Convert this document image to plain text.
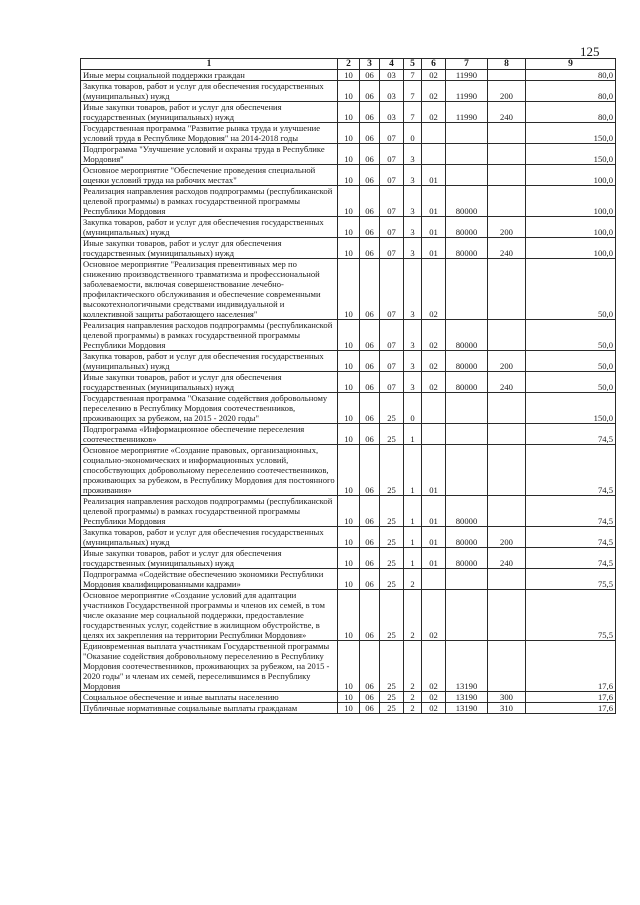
125
1	2	3	4	5	6	7	8	9
Иные меры социальной поддержки граждан	10	06	03	7	02	11990		80,0
Закупка товаров, работ и услуг для обеспечения государственных (муниципальных) нужд	10	06	03	7	02	11990	200	80,0
Иные закупки товаров, работ и услуг для обеспечения государственных (муниципальных) нужд	10	06	03	7	02	11990	240	80,0
Государственная программа "Развитие рынка труда и улучшение условий труда в Республике Мордовия" на 2014-2018 годы	10	06	07	0				150,0
Подпрограмма "Улучшение условий и охраны труда в Республике Мордовия"	10	06	07	3				150,0
Основное мероприятие "Обеспечение проведения специальной оценки условий труда на рабочих местах"	10	06	07	3	01			100,0
Реализация направления расходов подпрограммы (республиканской целевой программы) в рамках государственной программы Республики Мордовия	10	06	07	3	01	80000		100,0
Закупка товаров, работ и услуг для обеспечения государственных (муниципальных) нужд	10	06	07	3	01	80000	200	100,0
Иные закупки товаров, работ и услуг для обеспечения государственных (муниципальных) нужд	10	06	07	3	01	80000	240	100,0
Основное мероприятие "Реализация превентивных мер по снижению производственного травматизма и профессиональной заболеваемости, включая совершенствование лечебно-профилактического обслуживания и обеспечение современными высокотехнологичными средствами индивидуальной и коллективной защиты работающего населения"	10	06	07	3	02			50,0
Реализация направления расходов подпрограммы (республиканской целевой программы) в рамках государственной программы Республики Мордовия	10	06	07	3	02	80000		50,0
Закупка товаров, работ и услуг для обеспечения государственных (муниципальных) нужд	10	06	07	3	02	80000	200	50,0
Иные закупки товаров, работ и услуг для обеспечения государственных (муниципальных) нужд	10	06	07	3	02	80000	240	50,0
Государственная программа "Оказание содействия добровольному переселению в Республику Мордовия соотечественников, проживающих за рубежом, на 2015 - 2020 годы"	10	06	25	0				150,0
Подпрограмма «Информационное обеспечение переселения соотечественников»	10	06	25	1				74,5
Основное мероприятие «Создание правовых, организационных, социально-экономических и информационных условий, способствующих добровольному переселению соотечественников, проживающих за рубежом, в Республику Мордовия для постоянного проживания»	10	06	25	1	01			74,5
Реализация направления расходов подпрограммы (республиканской целевой программы) в рамках государственной программы Республики Мордовия	10	06	25	1	01	80000		74,5
Закупка товаров, работ и услуг для обеспечения государственных (муниципальных) нужд	10	06	25	1	01	80000	200	74,5
Иные закупки товаров, работ и услуг для обеспечения государственных (муниципальных) нужд	10	06	25	1	01	80000	240	74,5
Подпрограмма «Содействие обеспечению экономики Республики Мордовия квалифицированными кадрами»	10	06	25	2				75,5
Основное мероприятие «Создание условий для адаптации участников Государственной программы и членов их семей, в том числе оказание мер социальной поддержки, предоставление государственных услуг, содействие в жилищном обустройстве, в целях их закрепления на территории Республики Мордовия»	10	06	25	2	02			75,5
Единовременная выплата участникам Государственной программы "Оказание содействия добровольному переселению в Республику Мордовия соотечественников, проживающих за рубежом, на 2015 - 2020 годы" и членам их семей, переселившимся в Республику Мордовия	10	06	25	2	02	13190		17,6
Социальное обеспечение и иные выплаты населению	10	06	25	2	02	13190	300	17,6
Публичные нормативные социальные выплаты гражданам	10	06	25	2	02	13190	310	17,6
